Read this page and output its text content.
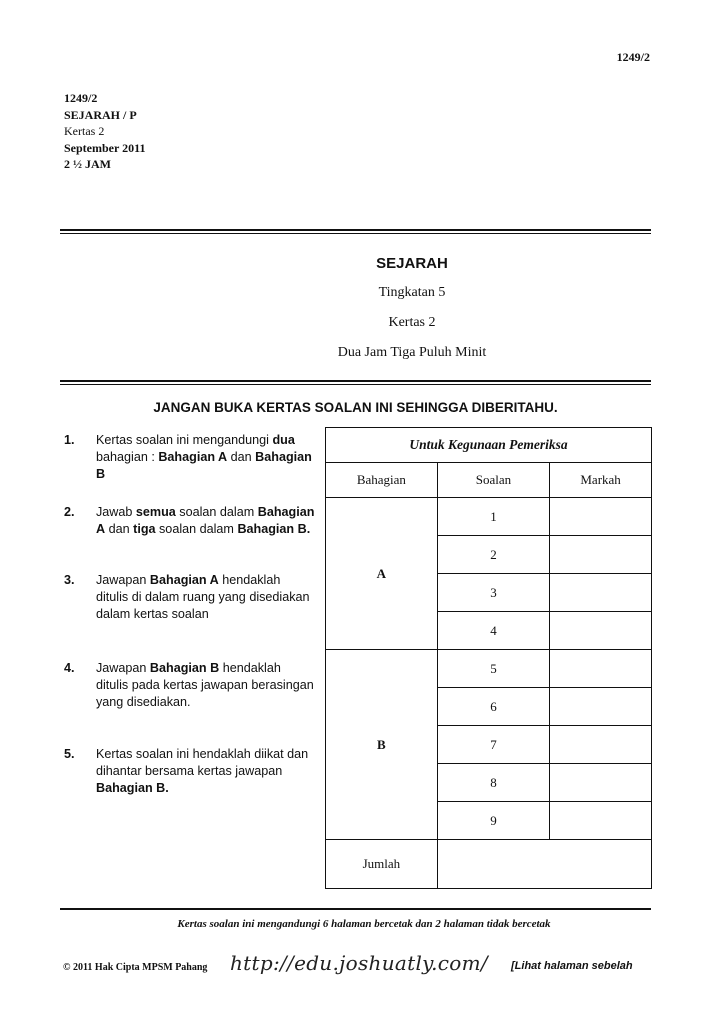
1249/2
1249/2
SEJARAH / P
Kertas 2
September 2011
2 ½ JAM
SEJARAH
Tingkatan 5
Kertas 2
Dua Jam Tiga Puluh Minit
JANGAN BUKA KERTAS SOALAN INI SEHINGGA DIBERITAHU.
1. Kertas soalan ini mengandungi dua bahagian : Bahagian A dan Bahagian B
2. Jawab semua soalan dalam Bahagian A dan tiga soalan dalam Bahagian B.
3. Jawapan Bahagian A hendaklah ditulis di dalam ruang yang disediakan dalam kertas soalan
4. Jawapan Bahagian B hendaklah ditulis pada kertas jawapan berasingan yang disediakan.
5. Kertas soalan ini hendaklah diikat dan dihantar bersama kertas jawapan Bahagian B.
Untuk Kegunaan Pemeriksa		
Bahagian	Soalan	Markah
A	1	
	2	
	3	
	4	
B	5	
	6	
	7	
	8	
	9	
Jumlah		
Kertas soalan ini mengandungi 6 halaman bercetak dan 2 halaman tidak bercetak
© 2011 Hak Cipta MPSM Pahang http://edu.joshuatly.com/ [Lihat halaman sebelah
